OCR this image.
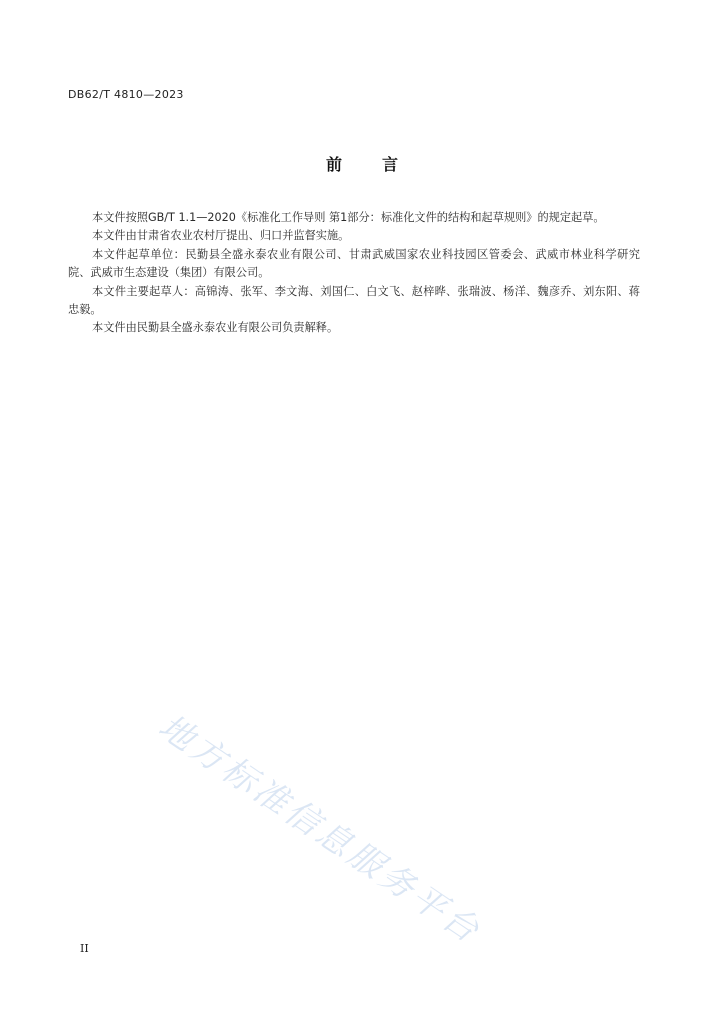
DB62/T 4810—2023
前言

本文件按照GB/T 1.1—2020《标准化工作导则 第1部分：标准化文件的结构和起草规则》的规定起草。

本文件由甘肃省农业农村厅提出、归口并监督实施。

本文件起草单位：民勤县全盛永泰农业有限公司、甘肃武威国家农业科技园区管委会、武威市林业科学研究院、武威市生态建设（集团）有限公司。

本文件主要起草人：高锦涛、张军、李文海、刘国仁、白文飞、赵梓晔、张瑞波、杨洋、魏彦乔、刘东阳、蒋忠毅。

本文件由民勤县全盛永泰农业有限公司负责解释。

地方标准信息服务平台
II
